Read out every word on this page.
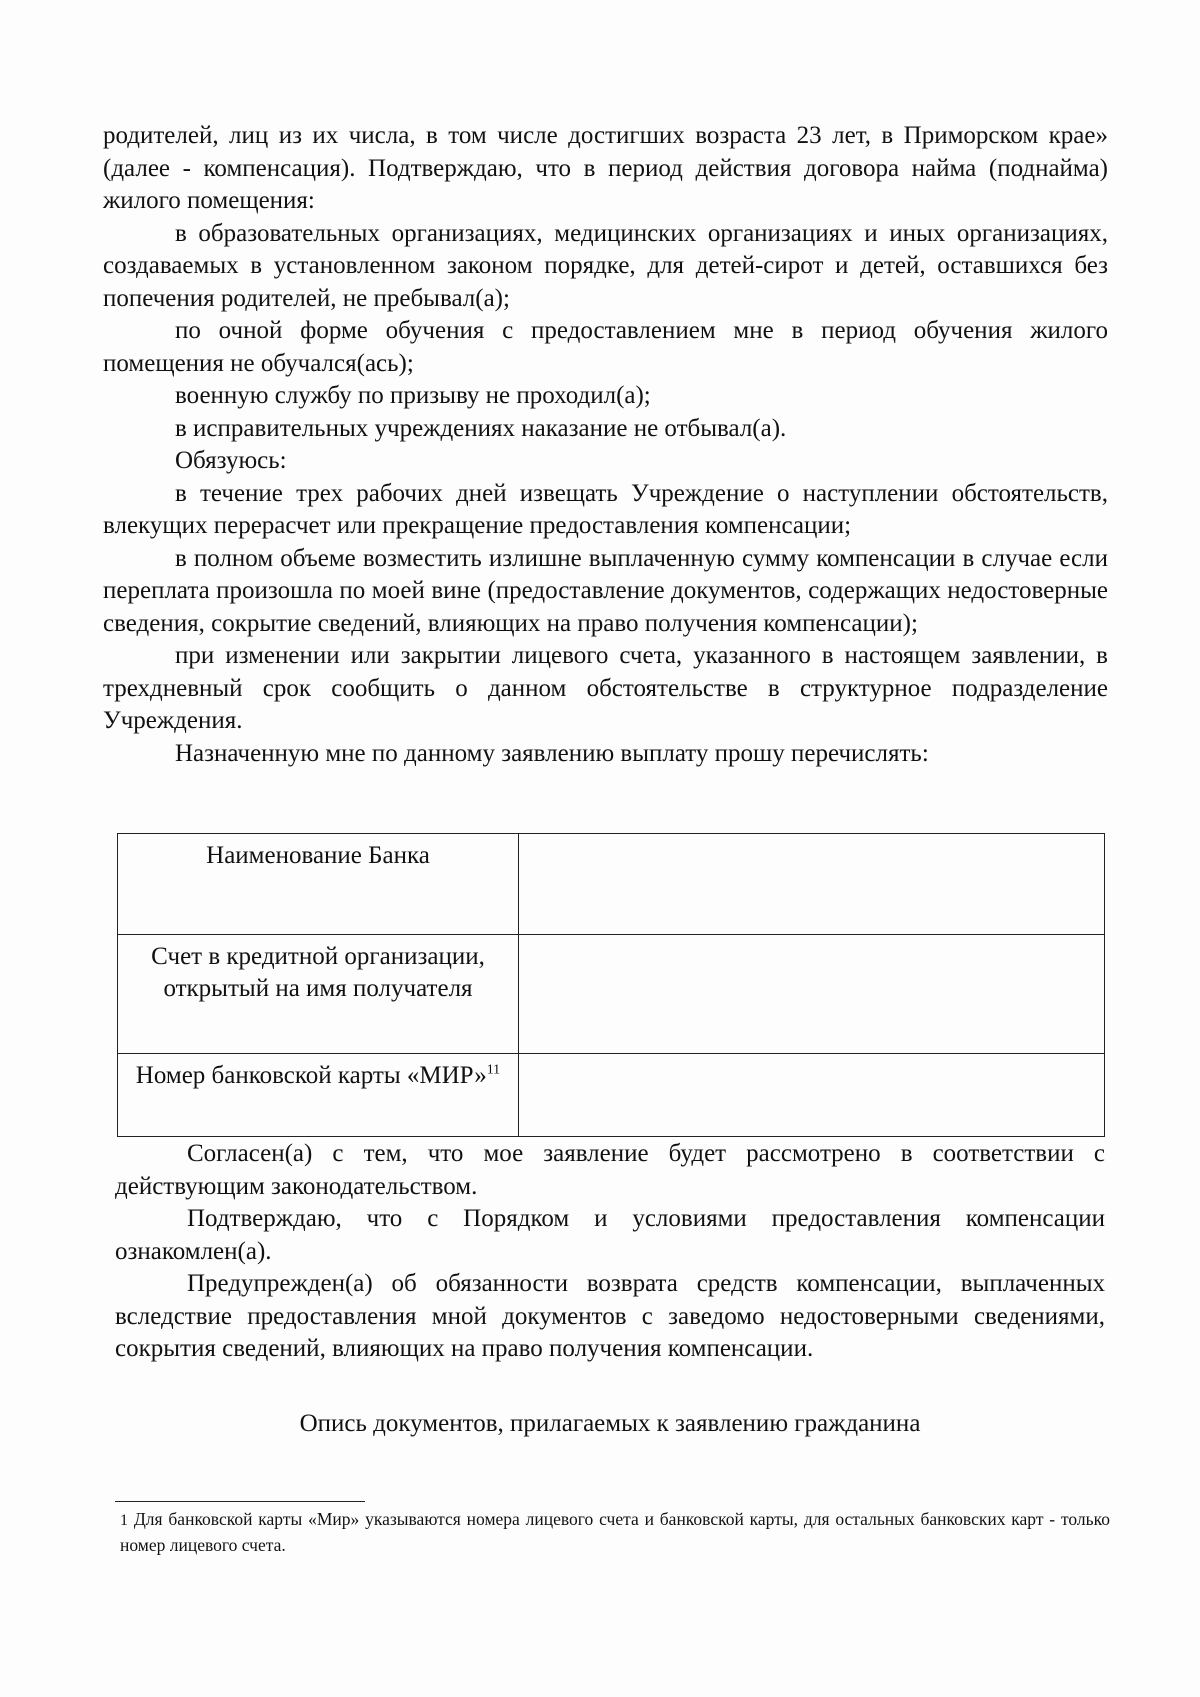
родителей, лиц из их числа, в том числе достигших возраста 23 лет, в Приморском крае» (далее - компенсация). Подтверждаю, что в период действия договора найма (поднайма) жилого помещения:

в образовательных организациях, медицинских организациях и иных организациях, создаваемых в установленном законом порядке, для детей-сирот и детей, оставшихся без попечения родителей, не пребывал(а);

по очной форме обучения с предоставлением мне в период обучения жилого помещения не обучался(ась);

военную службу по призыву не проходил(а);

в исправительных учреждениях наказание не отбывал(а).

Обязуюсь:

в течение трех рабочих дней извещать Учреждение о наступлении обстоятельств, влекущих перерасчет или прекращение предоставления компенсации;

в полном объеме возместить излишне выплаченную сумму компенсации в случае если переплата произошла по моей вине (предоставление документов, содержащих недостоверные сведения, сокрытие сведений, влияющих на право получения компенсации);

при изменении или закрытии лицевого счета, указанного в настоящем заявлении, в трехдневный срок сообщить о данном обстоятельстве в структурное подразделение Учреждения.

Назначенную мне по данному заявлению выплату прошу перечислять:

Наименование Банка	
Счет в кредитной организации, открытый на имя получателя	
Номер банковской карты «МИР»$^{11}$	

Согласен(а) с тем, что мое заявление будет рассмотрено в соответствии с действующим законодательством.

Подтверждаю, что с Порядком и условиями предоставления компенсации ознакомлен(а).

Предупрежден(а) об обязанности возврата средств компенсации, выплаченных вследствие предоставления мной документов с заведомо недостоверными сведениями, сокрытия сведений, влияющих на право получения компенсации.

Опись документов, прилагаемых к заявлению гражданина
1 Для банковской карты «Мир» указываются номера лицевого счета и банковской карты, для остальных банковских карт - только номер лицевого счета.
